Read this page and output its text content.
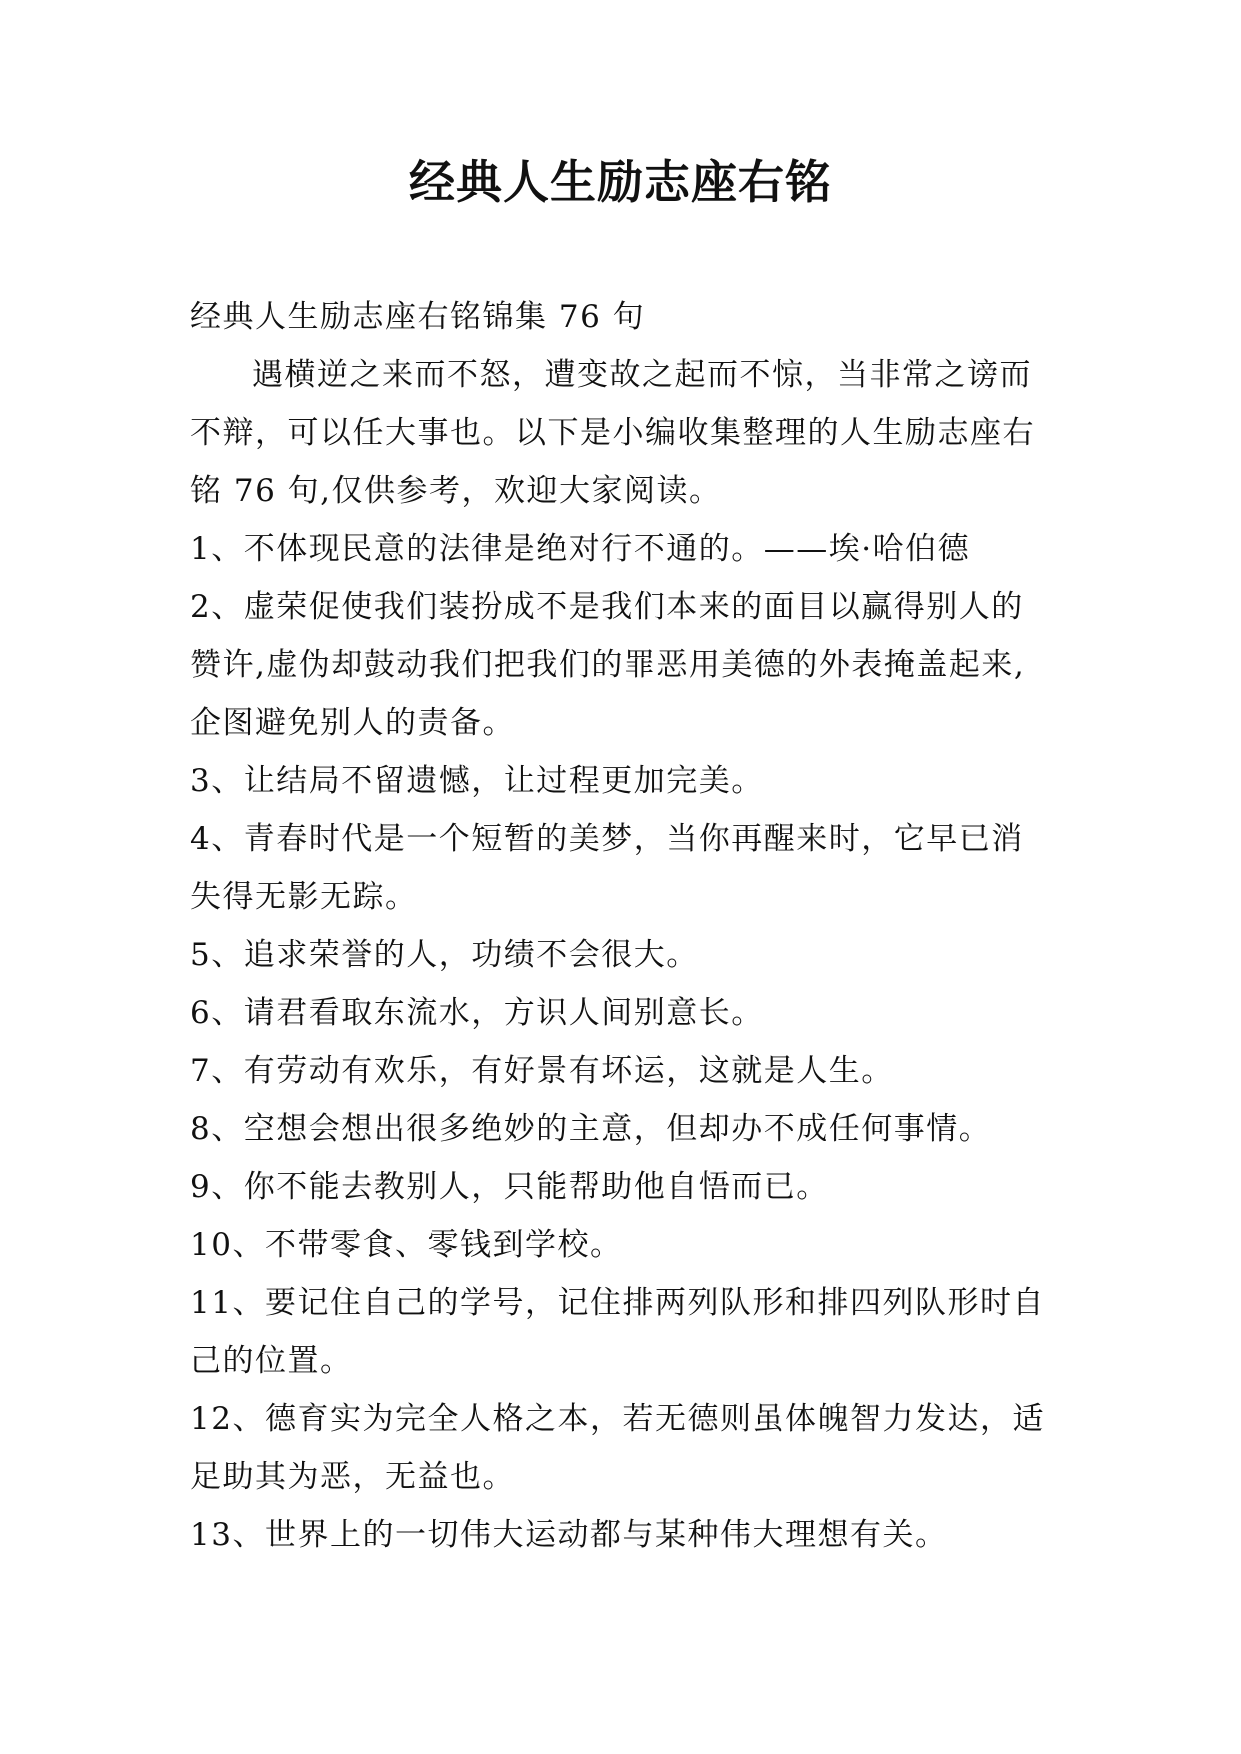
经典人生励志座右铭

经典人生励志座右铭锦集 76 句

遇横逆之来而不怒，遭变故之起而不惊，当非常之谤而不辩，可以任大事也。以下是小编收集整理的人生励志座右铭 76 句,仅供参考，欢迎大家阅读。

1、不体现民意的法律是绝对行不通的。——埃·哈伯德

2、虚荣促使我们装扮成不是我们本来的面目以赢得别人的赞许,虚伪却鼓动我们把我们的罪恶用美德的外表掩盖起来,企图避免别人的责备。

3、让结局不留遗憾，让过程更加完美。

4、青春时代是一个短暂的美梦，当你再醒来时，它早已消失得无影无踪。

5、追求荣誉的人，功绩不会很大。

6、请君看取东流水，方识人间别意长。

7、有劳动有欢乐，有好景有坏运，这就是人生。

8、空想会想出很多绝妙的主意，但却办不成任何事情。

9、你不能去教别人，只能帮助他自悟而已。

10、不带零食、零钱到学校。

11、要记住自己的学号，记住排两列队形和排四列队形时自己的位置。

12、德育实为完全人格之本，若无德则虽体魄智力发达，适足助其为恶，无益也。

13、世界上的一切伟大运动都与某种伟大理想有关。
